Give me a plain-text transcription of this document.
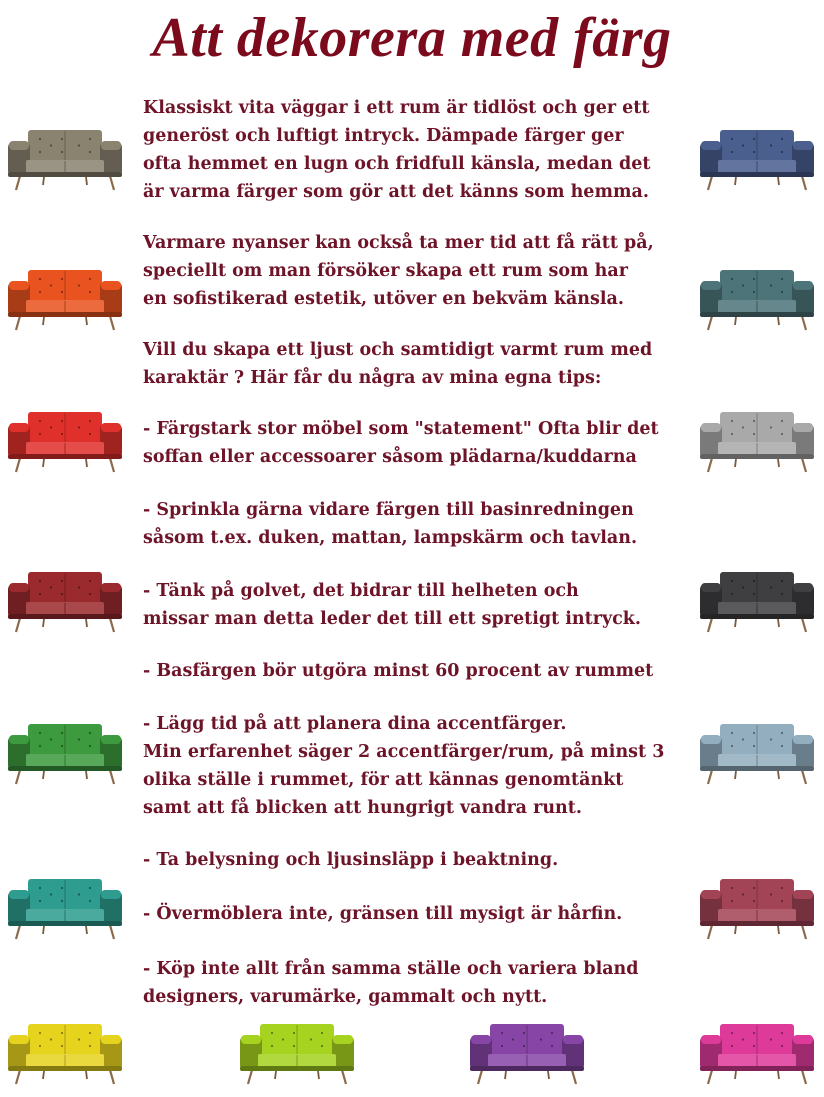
Att dekorera med färg
Klassiskt vita väggar i ett rum är tidlöst och ger ett
generöst och luftigt intryck. Dämpade färger ger
ofta hemmet en lugn och fridfull känsla, medan det
är varma färger som gör att det känns som hemma.
Varmare nyanser kan också ta mer tid att få rätt på,
speciellt om man försöker skapa ett rum som har
en sofistikerad estetik, utöver en bekväm känsla.
Vill du skapa ett ljust och samtidigt varmt rum med
karaktär ? Här får du några av mina egna tips:
- Färgstark stor möbel som "statement" Ofta blir det
soffan eller accessoarer såsom plädarna/kuddarna
- Sprinkla gärna vidare färgen till basinredningen
såsom t.ex. duken, mattan, lampskärm och tavlan.
- Tänk på golvet, det bidrar till helheten och
missar man detta leder det till ett spretigt intryck.
- Basfärgen bör utgöra minst 60 procent av rummet
- Lägg tid på att planera dina accentfärger.
Min erfarenhet säger 2 accentfärger/rum, på minst 3
olika ställe i rummet, för att kännas genomtänkt
samt att få blicken att hungrigt vandra runt.
- Ta belysning och ljusinsläpp i beaktning.
- Övermöblera inte, gränsen till mysigt är hårfin.
- Köp inte allt från samma ställe och variera bland
designers, varumärke, gammalt och nytt.
